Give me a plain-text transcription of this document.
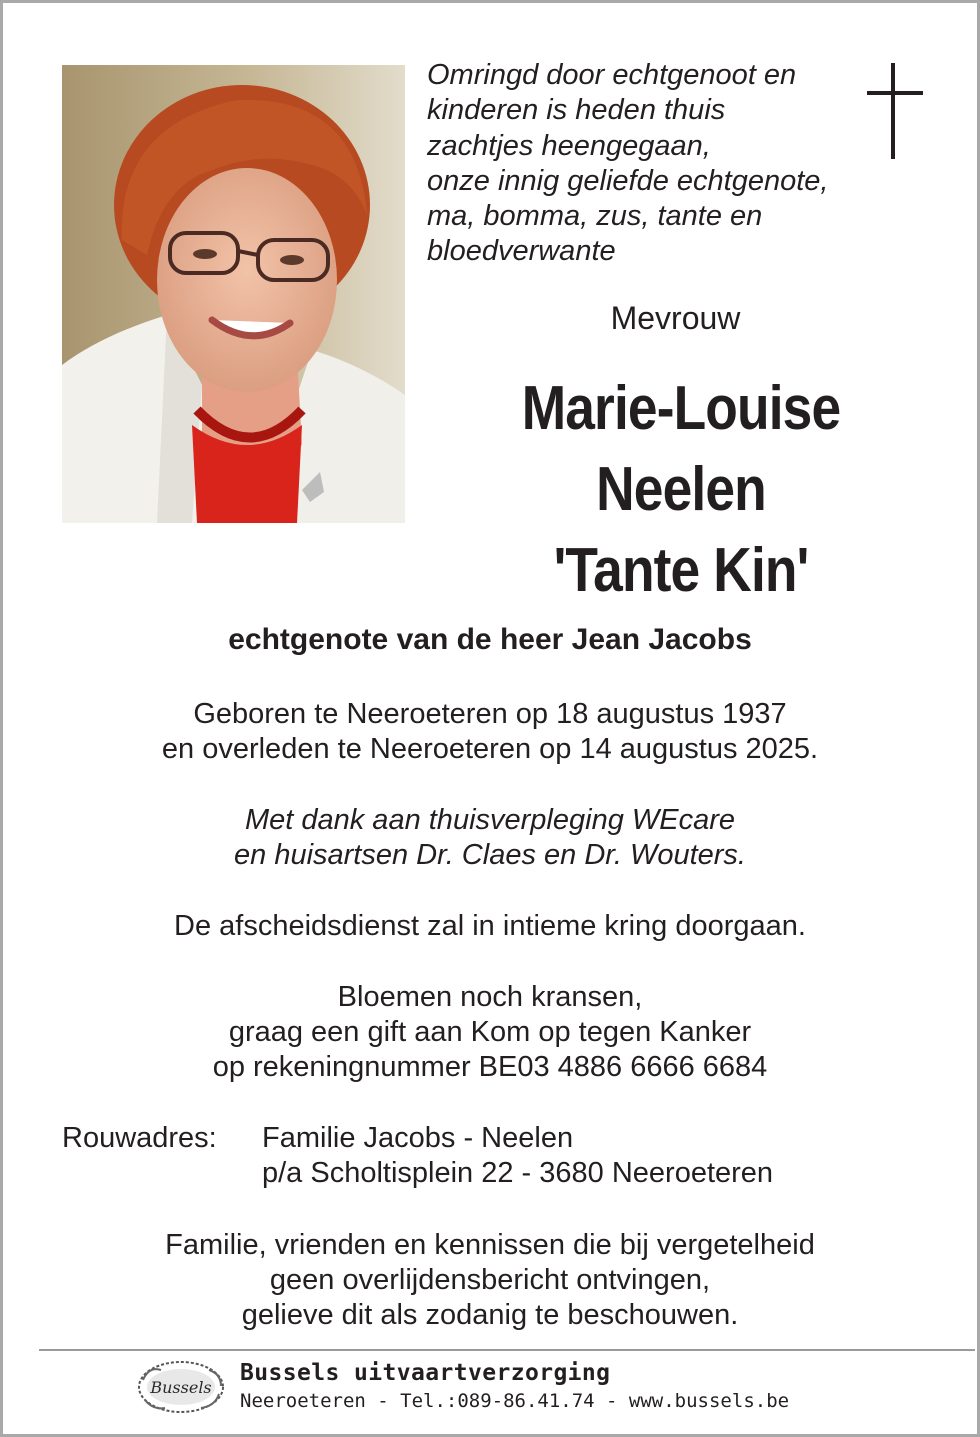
Omringd door echtgenoot en
kinderen is heden thuis
zachtjes heengegaan,
onze innig geliefde echtgenote,
ma, bomma, zus, tante en
bloedverwante
Mevrouw
Marie-Louise
Neelen
'Tante Kin'
echtgenote van de heer Jean Jacobs
Geboren te Neeroeteren op 18 augustus 1937
en overleden te Neeroeteren op 14 augustus 2025.
Met dank aan thuisverpleging WEcare
en huisartsen Dr. Claes en Dr. Wouters.
De afscheidsdienst zal in intieme kring doorgaan.
Bloemen noch kransen,
graag een gift aan Kom op tegen Kanker
op rekeningnummer BE03 4886 6666 6684
Rouwadres: Familie Jacobs - Neelen
p/a Scholtisplein 22 - 3680 Neeroeteren
Familie, vrienden en kennissen die bij vergetelheid
geen overlijdensbericht ontvingen,
gelieve dit als zodanig te beschouwen.
Bussels
Bussels uitvaartverzorging
Neeroeteren - Tel.:089-86.41.74 - www.bussels.be
